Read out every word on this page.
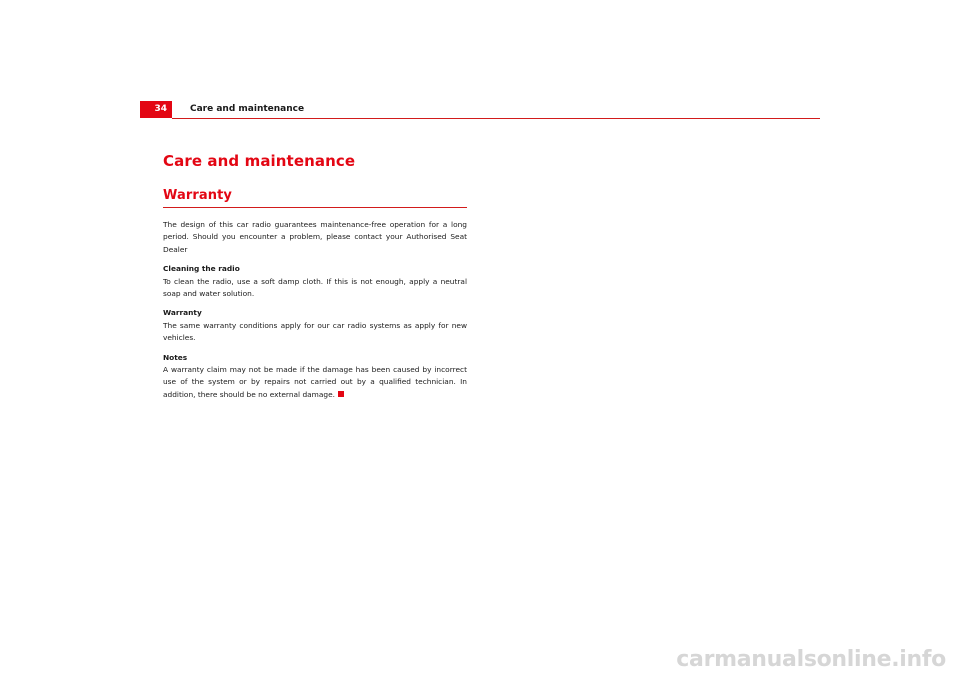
34	Care and maintenance
Care and maintenance
Warranty

The design of this car radio guarantees maintenance-free operation for a long period. Should you encounter a problem, please contact your Authorised Seat Dealer

Cleaning the radio

To clean the radio, use a soft damp cloth. If this is not enough, apply a neutral soap and water solution.

Warranty

The same warranty conditions apply for our car radio systems as apply for new vehicles.

Notes

A warranty claim may not be made if the damage has been caused by incorrect use of the system or by repairs not carried out by a qualified technician. In addition, there should be no external damage.

carmanualsonline.info
